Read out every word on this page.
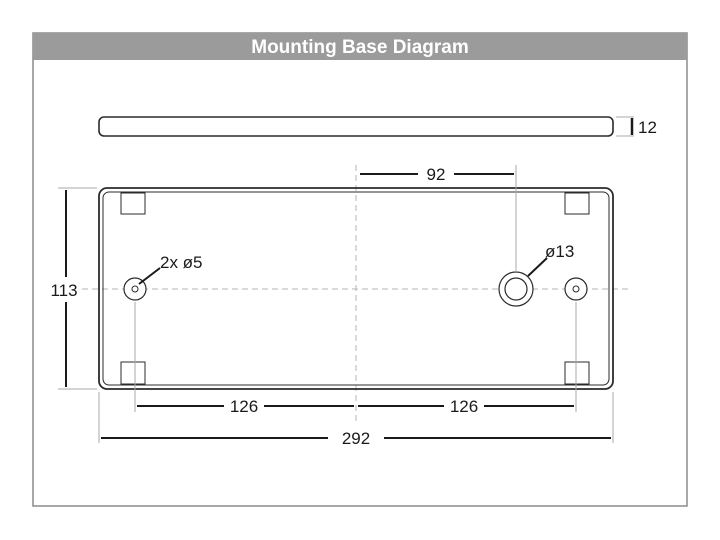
Mounting Base Diagram
12
2x ø5
ø13
92
113
126	126
292
